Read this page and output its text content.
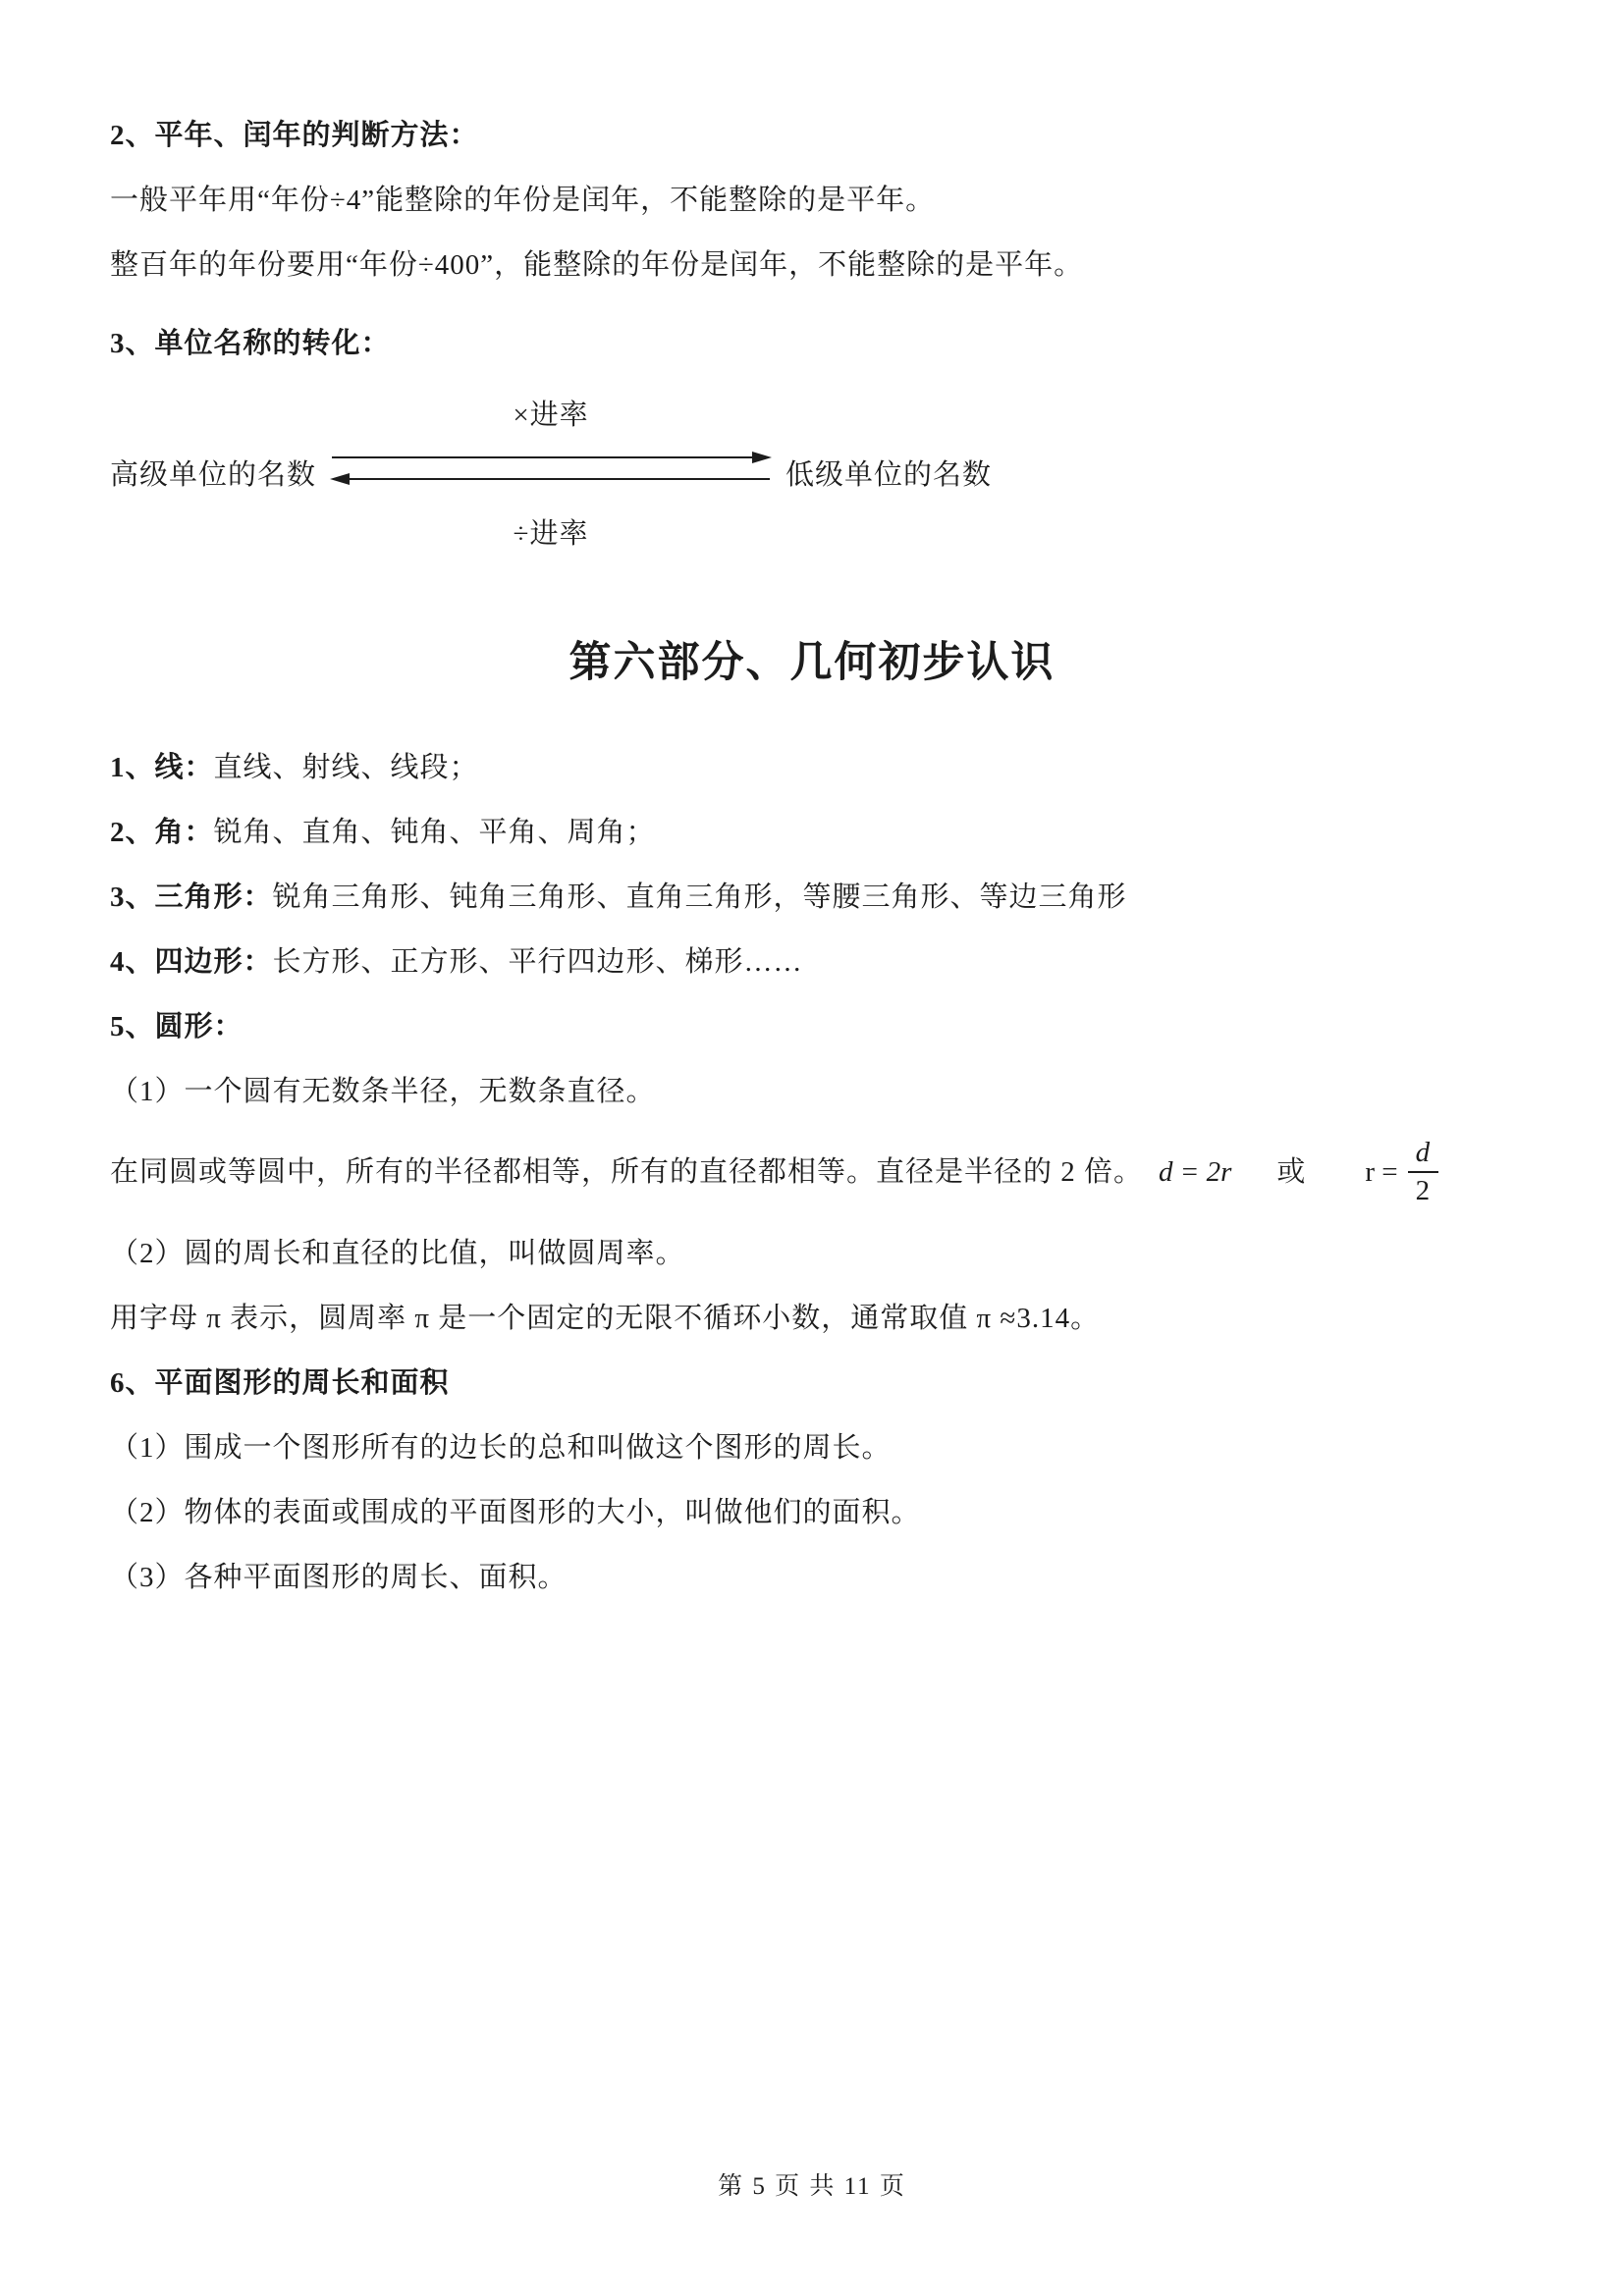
2、平年、闰年的判断方法：

一般平年用“年份÷4”能整除的年份是闰年，不能整除的是平年。

整百年的年份要用“年份÷400”，能整除的年份是闰年，不能整除的是平年。

3、单位名称的转化：

高级单位的名数
×进率
÷进率
低级单位的名数
第六部分、几何初步认识

1、线：直线、射线、线段；

2、角：锐角、直角、钝角、平角、周角；

3、三角形：锐角三角形、钝角三角形、直角三角形，等腰三角形、等边三角形

4、四边形：长方形、正方形、平行四边形、梯形……

5、圆形：

（1）一个圆有无数条半径，无数条直径。

在同圆或等圆中，所有的半径都相等，所有的直径都相等。直径是半径的 2 倍。 d = 2r 或 $r = \frac{d}{2}$

（2）圆的周长和直径的比值，叫做圆周率。

用字母 π 表示，圆周率 π 是一个固定的无限不循环小数，通常取值 π ≈3.14。

6、平面图形的周长和面积

（1）围成一个图形所有的边长的总和叫做这个图形的周长。

（2）物体的表面或围成的平面图形的大小，叫做他们的面积。

（3）各种平面图形的周长、面积。

第 5 页 共 11 页
